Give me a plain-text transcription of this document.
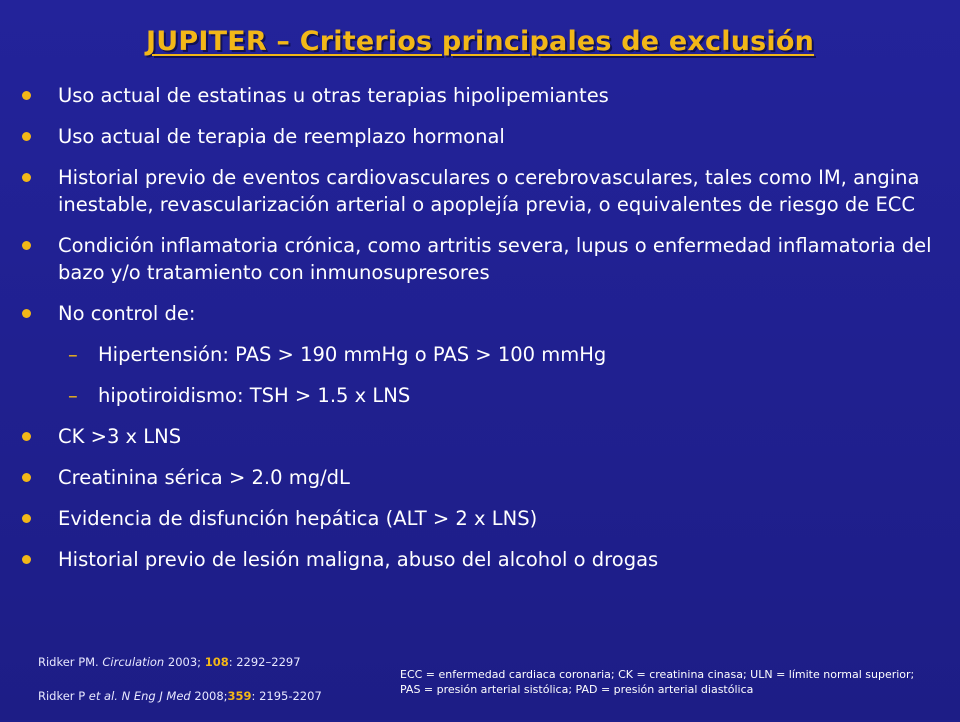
JUPITER – Criterios principales de exclusión
Uso actual de estatinas u otras terapias hipolipemiantes
Uso actual de terapia de reemplazo hormonal
Historial previo de eventos cardiovasculares o cerebrovasculares, tales como IM, angina inestable, revascularización arterial o apoplejía previa, o equivalentes de riesgo de ECC
Condición inflamatoria crónica, como artritis severa, lupus o enfermedad inflamatoria del bazo y/o tratamiento con inmunosupresores
No control de:
– Hipertensión: PAS > 190 mmHg o PAS > 100 mmHg
– hipotiroidismo: TSH > 1.5 x LNS
CK >3 x LNS
Creatinina sérica > 2.0 mg/dL
Evidencia de disfunción hepática (ALT > 2 x LNS)
Historial previo de lesión maligna, abuso del alcohol o drogas
Ridker PM. Circulation 2003; 108: 2292–2297
Ridker P et al. N Eng J Med 2008;359: 2195-2207
ECC = enfermedad cardiaca coronaria; CK = creatinina cinasa; ULN = límite normal superior; PAS = presión arterial sistólica; PAD = presión arterial diastólica
